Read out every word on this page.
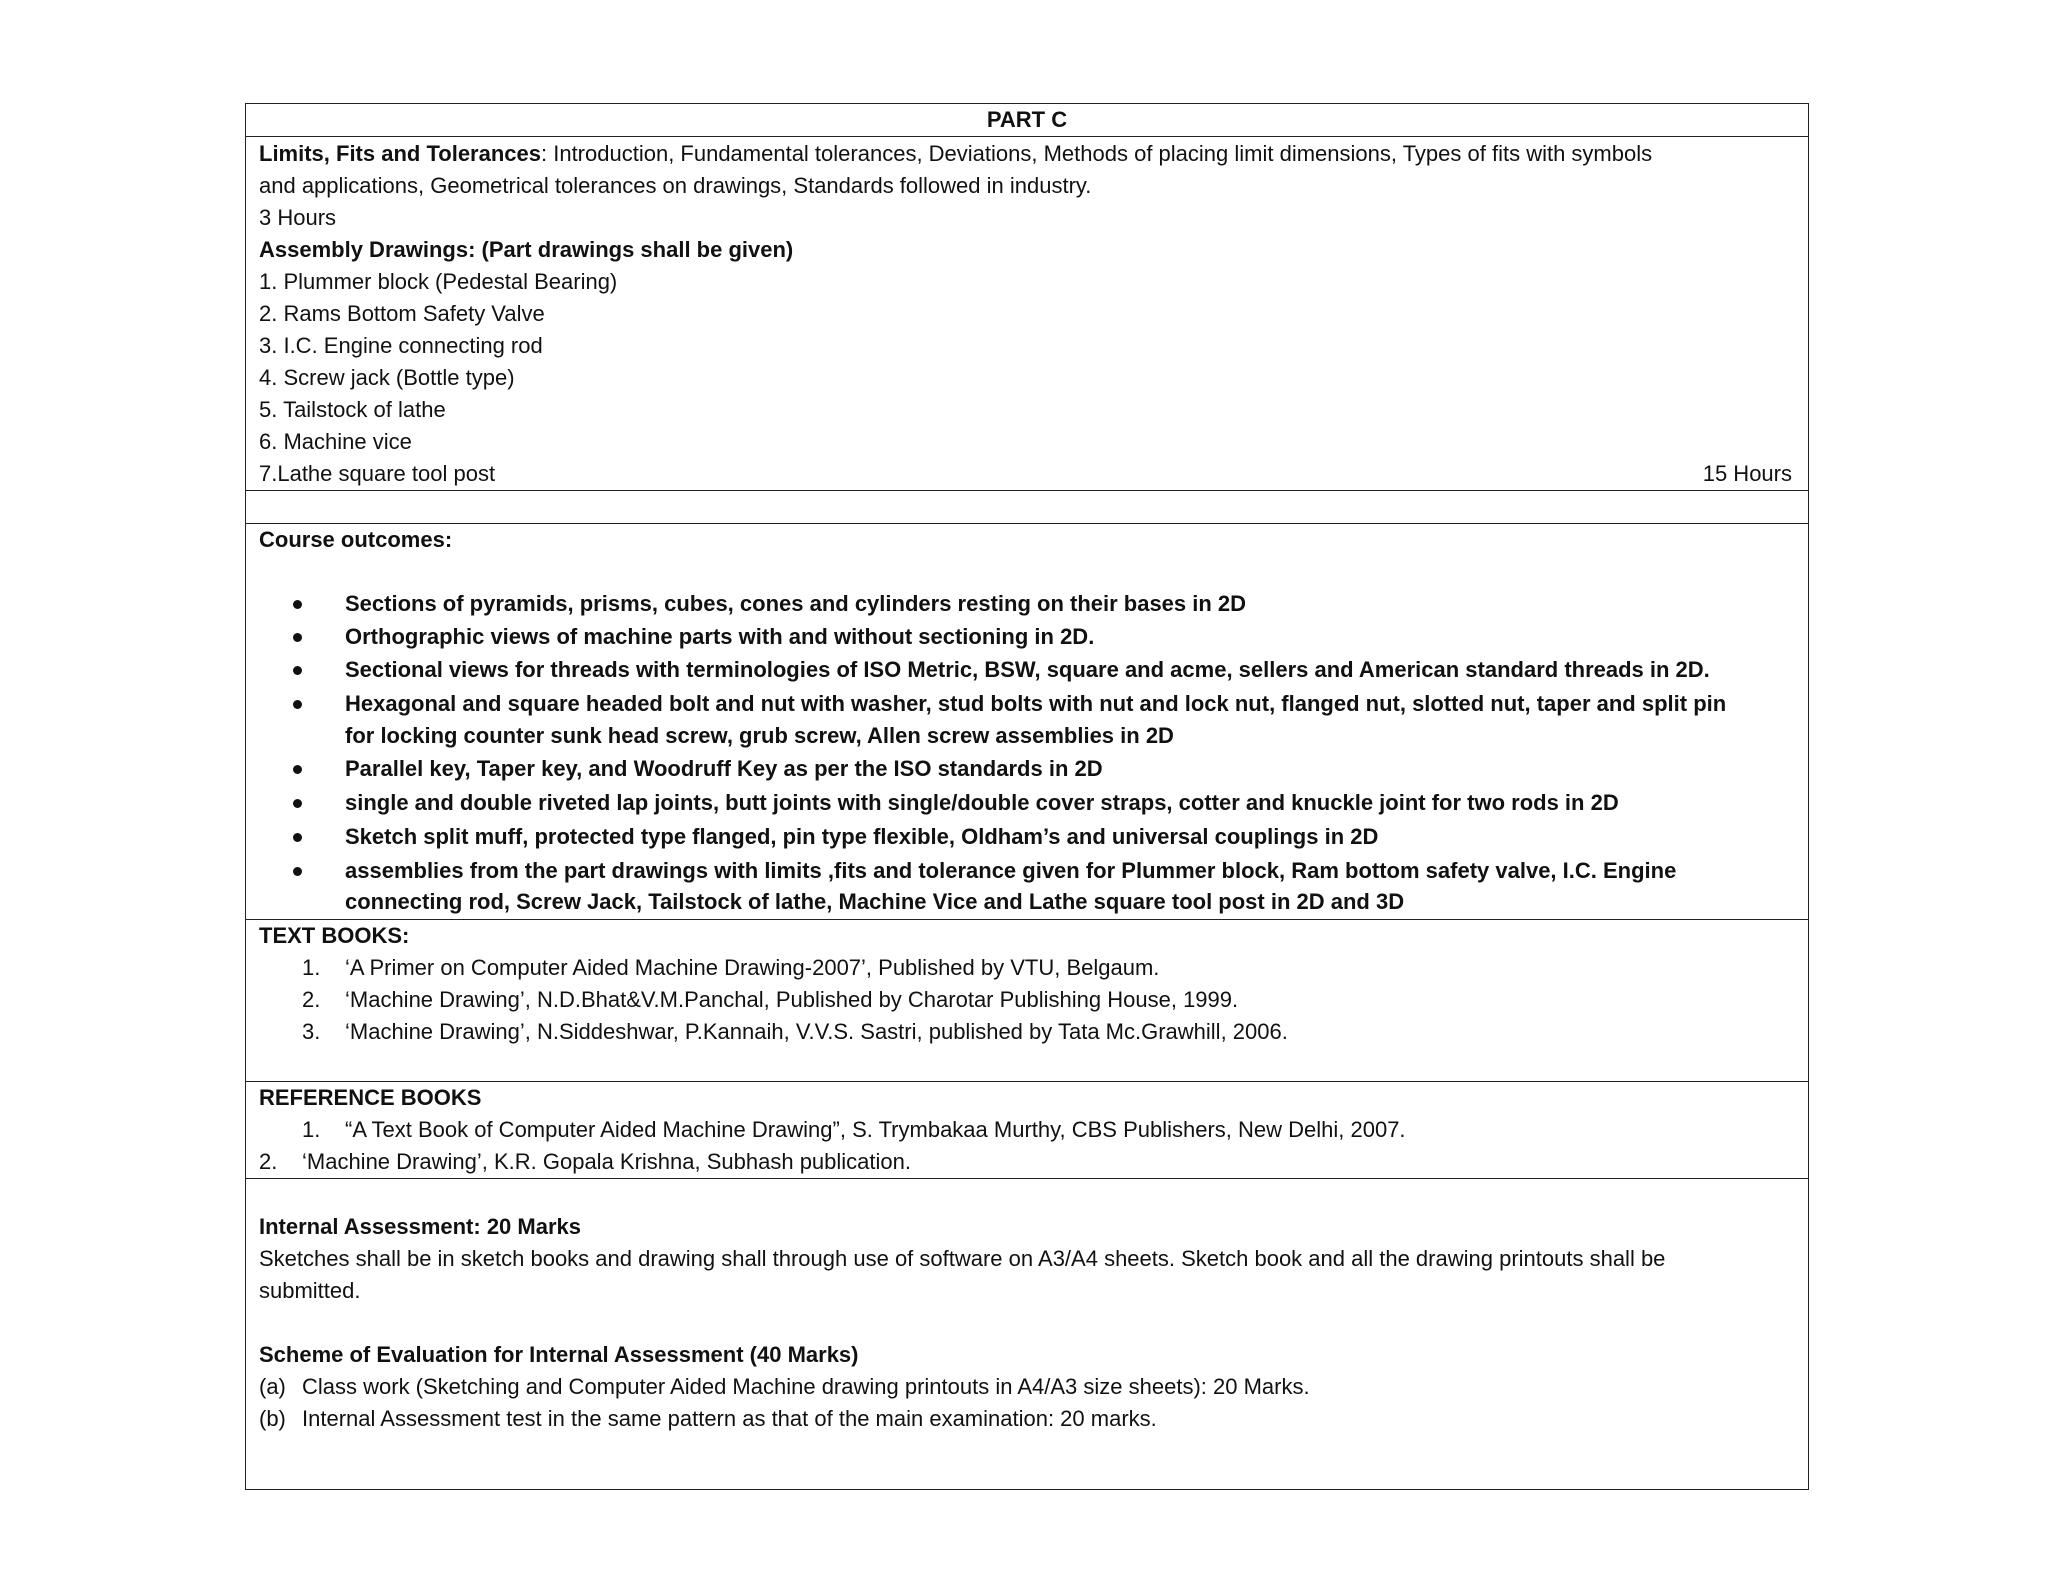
PART C
Limits, Fits and Tolerances: Introduction, Fundamental tolerances, Deviations, Methods of placing limit dimensions, Types of fits with symbols
and applications, Geometrical tolerances on drawings, Standards followed in industry.
3 Hours
Assembly Drawings: (Part drawings shall be given)
1. Plummer block (Pedestal Bearing)
2. Rams Bottom Safety Valve
3. I.C. Engine connecting rod
4. Screw jack (Bottle type)
5. Tailstock of lathe
6. Machine vice
7.Lathe square tool post	15 Hours
Course outcomes:
Sections of pyramids, prisms, cubes, cones and cylinders resting on their bases in 2D
Orthographic views of machine parts with and without sectioning in 2D.
Sectional views for threads with terminologies of ISO Metric, BSW, square and acme, sellers and American standard threads in 2D.
Hexagonal and square headed bolt and nut with washer, stud bolts with nut and lock nut, flanged nut, slotted nut, taper and split pin
for locking counter sunk head screw, grub screw, Allen screw assemblies in 2D
Parallel key, Taper key, and Woodruff Key as per the ISO standards in 2D
single and double riveted lap joints, butt joints with single/double cover straps, cotter and knuckle joint for two rods in 2D
Sketch split muff, protected type flanged, pin type flexible, Oldham’s and universal couplings in 2D
assemblies from the part drawings with limits ,fits and tolerance given for Plummer block, Ram bottom safety valve, I.C. Engine
connecting rod, Screw Jack, Tailstock of lathe, Machine Vice and Lathe square tool post in 2D and 3D
TEXT BOOKS:
1. ‘A Primer on Computer Aided Machine Drawing-2007’, Published by VTU, Belgaum.
2. ‘Machine Drawing’, N.D.Bhat&V.M.Panchal, Published by Charotar Publishing House, 1999.
3. ‘Machine Drawing’, N.Siddeshwar, P.Kannaih, V.V.S. Sastri, published by Tata Mc.Grawhill, 2006.
REFERENCE BOOKS
1. “A Text Book of Computer Aided Machine Drawing”, S. Trymbakaa Murthy, CBS Publishers, New Delhi, 2007.
2. ‘Machine Drawing’, K.R. Gopala Krishna, Subhash publication.
Internal Assessment: 20 Marks
Sketches shall be in sketch books and drawing shall through use of software on A3/A4 sheets. Sketch book and all the drawing printouts shall be
submitted.
Scheme of Evaluation for Internal Assessment (40 Marks)
(a) Class work (Sketching and Computer Aided Machine drawing printouts in A4/A3 size sheets): 20 Marks.
(b) Internal Assessment test in the same pattern as that of the main examination: 20 marks.
